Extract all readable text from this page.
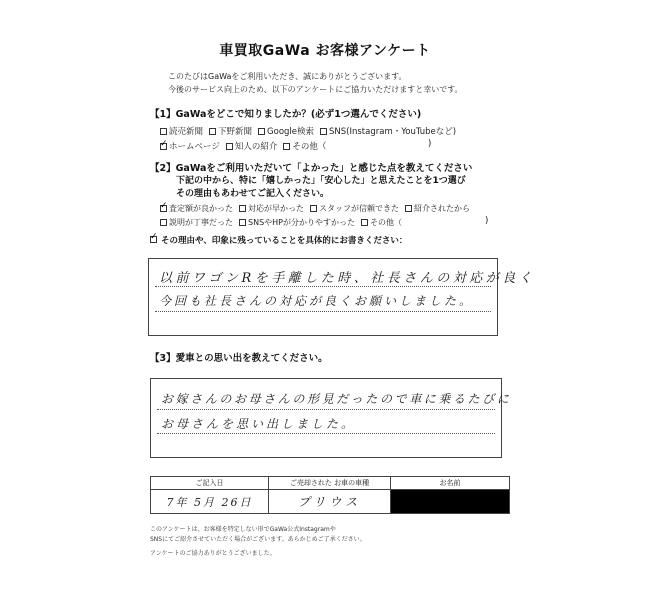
車買取GaWa お客様アンケート
このたびはGaWaをご利用いただき、誠にありがとうございます。
今後のサービス向上のため、以下のアンケートにご協力いただけますと幸いです。
【1】GaWaをどこで知りましたか？(必ず1つ選んでください)
読売新聞 下野新聞 Google検索 SNS(Instagram・YouTubeなど)
✓
ホームページ 知人の紹介 その他（	)
【2】GaWaをご利用いただいて「よかった」と感じた点を教えてください
下記の中から、特に「嬉しかった」「安心した」と思えたことを1つ選び
その理由もあわせてご記入ください。
✓
査定額が良かった 対応が早かった スタッフが信頼できた 紹介されたから
説明が丁寧だった SNSやHPが分かりやすかった その他（	)
✓その理由や、印象に残っていることを具体的にお書きください：
以前ワゴンRを手離した時、社長さんの対応が良く
今回も社長さんの対応が良くお願いしました。
【3】愛車との思い出を教えてください。
お嫁さんのお母さんの形見だったので車に乗るたびに
お母さんを思い出しました。
ご記入日	ご売却された お車の車種	お名前
7年 5月 26日	プリウス	
このアンケートは、お客様を特定しない形でGaWa公式Instagramや
SNSにてご紹介させていただく場合がございます。あらかじめご了承ください。
アンケートのご協力ありがとうございました。
